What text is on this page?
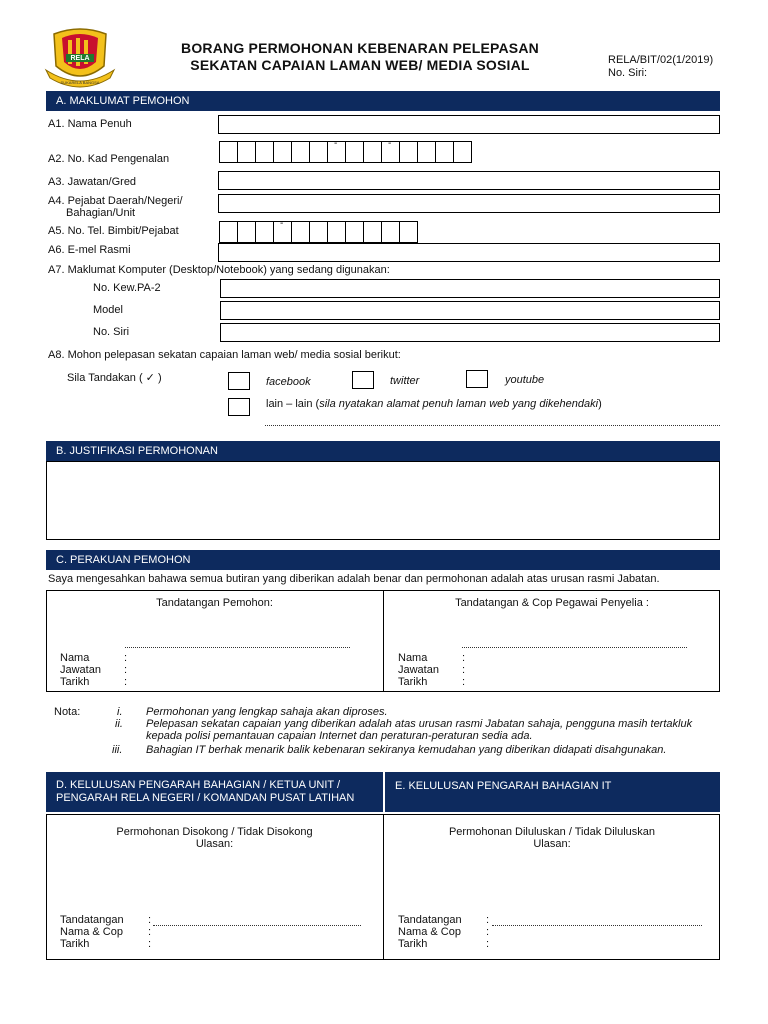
RELA
SUKARELA BANGSA
BORANG PERMOHONAN KEBENARAN PELEPASAN
SEKATAN CAPAIAN LAMAN WEB/ MEDIA SOSIAL	RELA/BIT/02(1/2019)
No. Siri:
A. MAKLUMAT PEMOHON
A1. Nama Penuh
A2. No. Kad Pengenalan
-
-
A3. Jawatan/Gred
A4. Pejabat Daerah/Negeri/
Bahagian/Unit
A5. No. Tel. Bimbit/Pejabat
-
A6. E-mel Rasmi
A7. Maklumat Komputer (Desktop/Notebook) yang sedang digunakan:
No. Kew.PA-2
Model
No. Siri
A8. Mohon pelepasan sekatan capaian laman web/ media sosial berikut:
Sila Tandakan ( ✓ )	facebook	twitter	youtube
lain – lain (sila nyatakan alamat penuh laman web yang dikehendaki)
B. JUSTIFIKASI PERMOHONAN
C. PERAKUAN PEMOHON
Saya mengesahkan bahawa semua butiran yang diberikan adalah benar dan permohonan adalah atas urusan rasmi Jabatan.
Tandatangan Pemohon:
Nama	:
Jawatan :
Tarikh	:
Tandatangan & Cop Pegawai Penyelia :
Nama	:
Jawatan :
Tarikh	:
Nota:	i. Permohonan yang lengkap sahaja akan diproses.
ii. Pelepasan sekatan capaian yang diberikan adalah atas urusan rasmi Jabatan sahaja, pengguna masih tertakluk
kepada polisi pemantauan capaian Internet dan peraturan-peraturan sedia ada.
iii. Bahagian IT berhak menarik balik kebenaran sekiranya kemudahan yang diberikan didapati disahgunakan.
D. KELULUSAN PENGARAH BAHAGIAN / KETUA UNIT /
PENGARAH RELA NEGERI / KOMANDAN PUSAT LATIHAN
E. KELULUSAN PENGARAH BAHAGIAN IT
Permohonan Disokong / Tidak Disokong
Ulasan:
Tandatangan :
Nama & Cop :
Tarikh	:
Permohonan Diluluskan / Tidak Diluluskan
Ulasan:
Tandatangan :
Nama & Cop :
Tarikh	:
